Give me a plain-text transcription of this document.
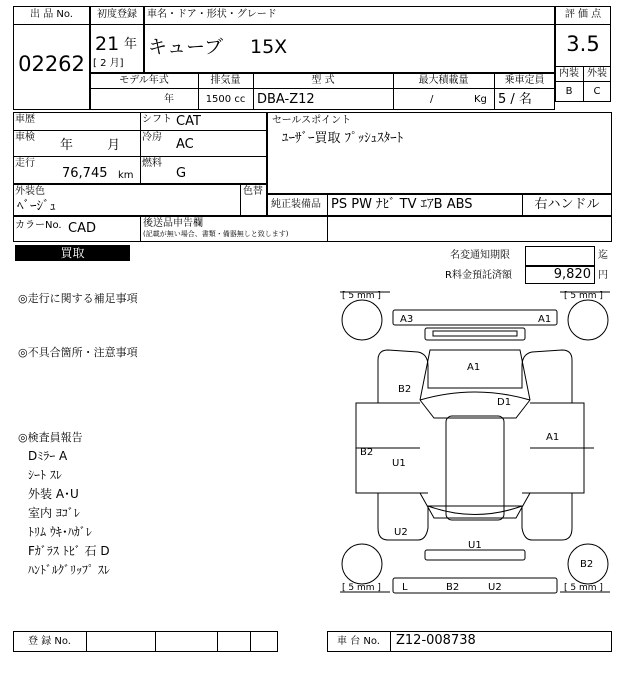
出 品 No.
02262
初度登録
21 年
[ 2 月]
車名・ドア・形状・グレード
キューブ 15X
評 価 点
3.5
内装 外装
B	C
モデル年式
年
排気量
1500 cc
型 式
DBA-Z12
最大積載量
/	Kg
乗車定員
5 / 名
車歴	シフト CAT
車検
年 月
冷房 AC
走行
76,745 km
燃料
G
セールスポイント
ﾕｰｻﾞｰ買取 ﾌﾟｯｼｭｽﾀｰﾄ
外装色
ﾍﾞｰｼﾞｭ
色替
純正装備品 PS PW ﾅﾋﾞ TV ｴｱB ABS	右ハンドル
カラーNo. CAD	後送品申告欄
(記載が無い場合、書類・備器無しと致します)
買取	名変通知期限	迄
R料金預託済額	9,820 円
◎走行に関する補足事項
◎不具合箇所・注意事項
◎検査員報告
Dﾐﾗｰ A
ｼｰﾄ ｽﾚ
外装 A･U
室内 ﾖｺﾞﾚ
ﾄﾘﾑ ｳｷ･ﾊｶﾞﾚ
Fｶﾞﾗｽ ﾄﾋﾞ 石 D
ﾊﾝﾄﾞﾙｸﾞﾘｯﾌﾟ ｽﾚ
[ 5 mm ]	[ 5 mm ]
[ 5 mm ]	[ 5 mm ]
A3	A1
A1
B2
D1
A1
B2
U1
U2
U1
L	B2	U2
B2
登 録 No.	車 台 No.	Z12-008738
